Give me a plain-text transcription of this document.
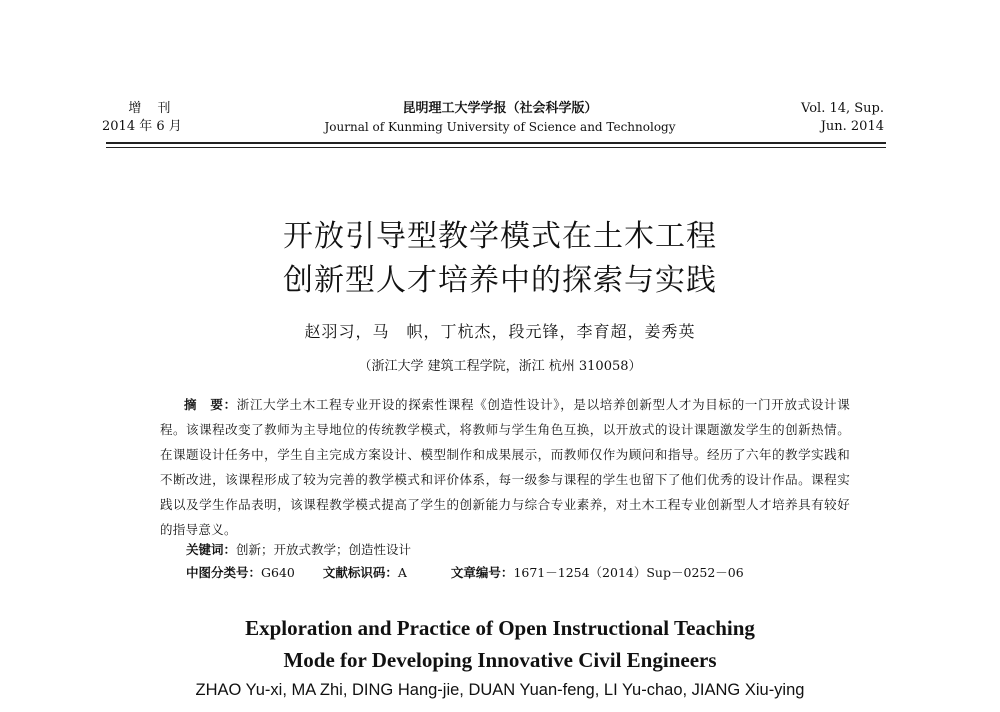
增 刊
2014 年 6 月
昆明理工大学学报（社会科学版）
Journal of Kunming University of Science and Technology
Vol. 14, Sup.
Jun. 2014
开放引导型教学模式在土木工程
创新型人才培养中的探索与实践
赵羽习，马　帜，丁杭杰，段元锋，李育超，姜秀英
（浙江大学 建筑工程学院，浙江 杭州 310058）
摘　要：浙江大学土木工程专业开设的探索性课程《创造性设计》，是以培养创新型人才为目标的一门开放式设计课程。该课程改变了教师为主导地位的传统教学模式，将教师与学生角色互换，以开放式的设计课题激发学生的创新热情。在课题设计任务中，学生自主完成方案设计、模型制作和成果展示，而教师仅作为顾问和指导。经历了六年的教学实践和不断改进，该课程形成了较为完善的教学模式和评价体系，每一级参与课程的学生也留下了他们优秀的设计作品。课程实践以及学生作品表明，该课程教学模式提高了学生的创新能力与综合专业素养，对土木工程专业创新型人才培养具有较好的指导意义。
关键词：创新；开放式教学；创造性设计
中图分类号：G640 文献标识码：A	文章编号：1671－1254（2014）Sup－0252－06
Exploration and Practice of Open Instructional Teaching
Mode for Developing Innovative Civil Engineers
ZHAO Yu-xi, MA Zhi, DING Hang-jie, DUAN Yuan-feng, LI Yu-chao, JIANG Xiu-ying
